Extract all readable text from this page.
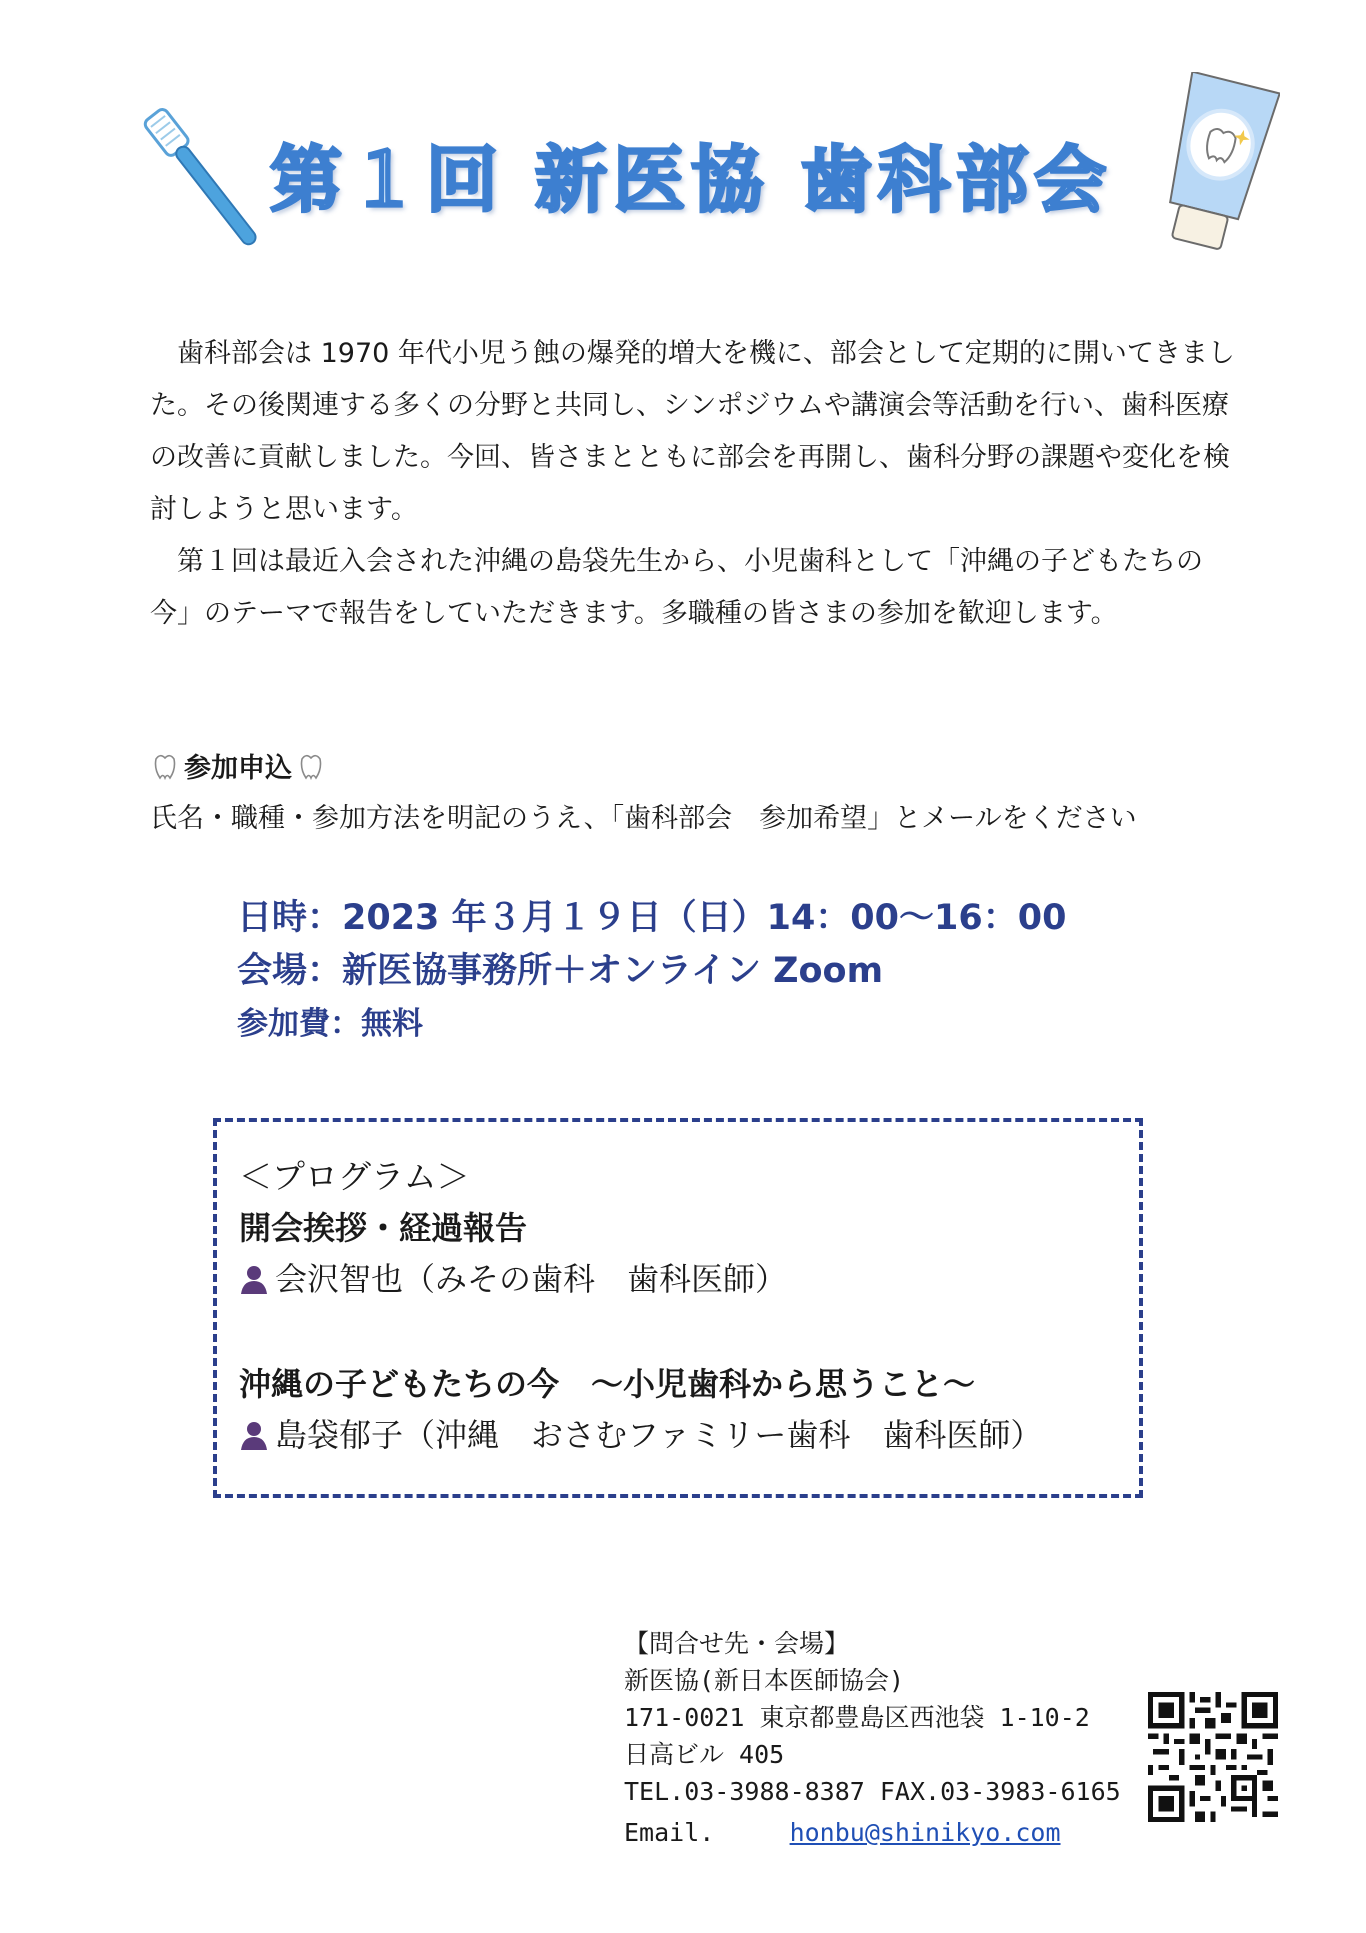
第１回 新医協 歯科部会

歯科部会は 1970 年代小児う蝕の爆発的増大を機に、部会として定期的に開いてきました。その後関連する多くの分野と共同し、シンポジウムや講演会等活動を行い、歯科医療の改善に貢献しました。今回、皆さまとともに部会を再開し、歯科分野の課題や変化を検討しようと思います。

第１回は最近入会された沖縄の島袋先生から、小児歯科として「沖縄の子どもたちの今」のテーマで報告をしていただきます。多職種の皆さまの参加を歓迎します。

参加申込
氏名・職種・参加方法を明記のうえ、「歯科部会　参加希望」とメールをください
日時：2023 年３月１９日（日）14：00～16：00
会場：新医協事務所＋オンライン Zoom
参加費：無料
＜プログラム＞
開会挨拶・経過報告
会沢智也（みその歯科　歯科医師）
沖縄の子どもたちの今　～小児歯科から思うこと～
島袋郁子（沖縄　おさむファミリー歯科　歯科医師）
【問合せ先・会場】
新医協(新日本医師協会)
171-0021 東京都豊島区西池袋 1-10-2
日高ビル 405
TEL.03-3988-8387 FAX.03-3983-6165
Email.	honbu@shinikyo.com
